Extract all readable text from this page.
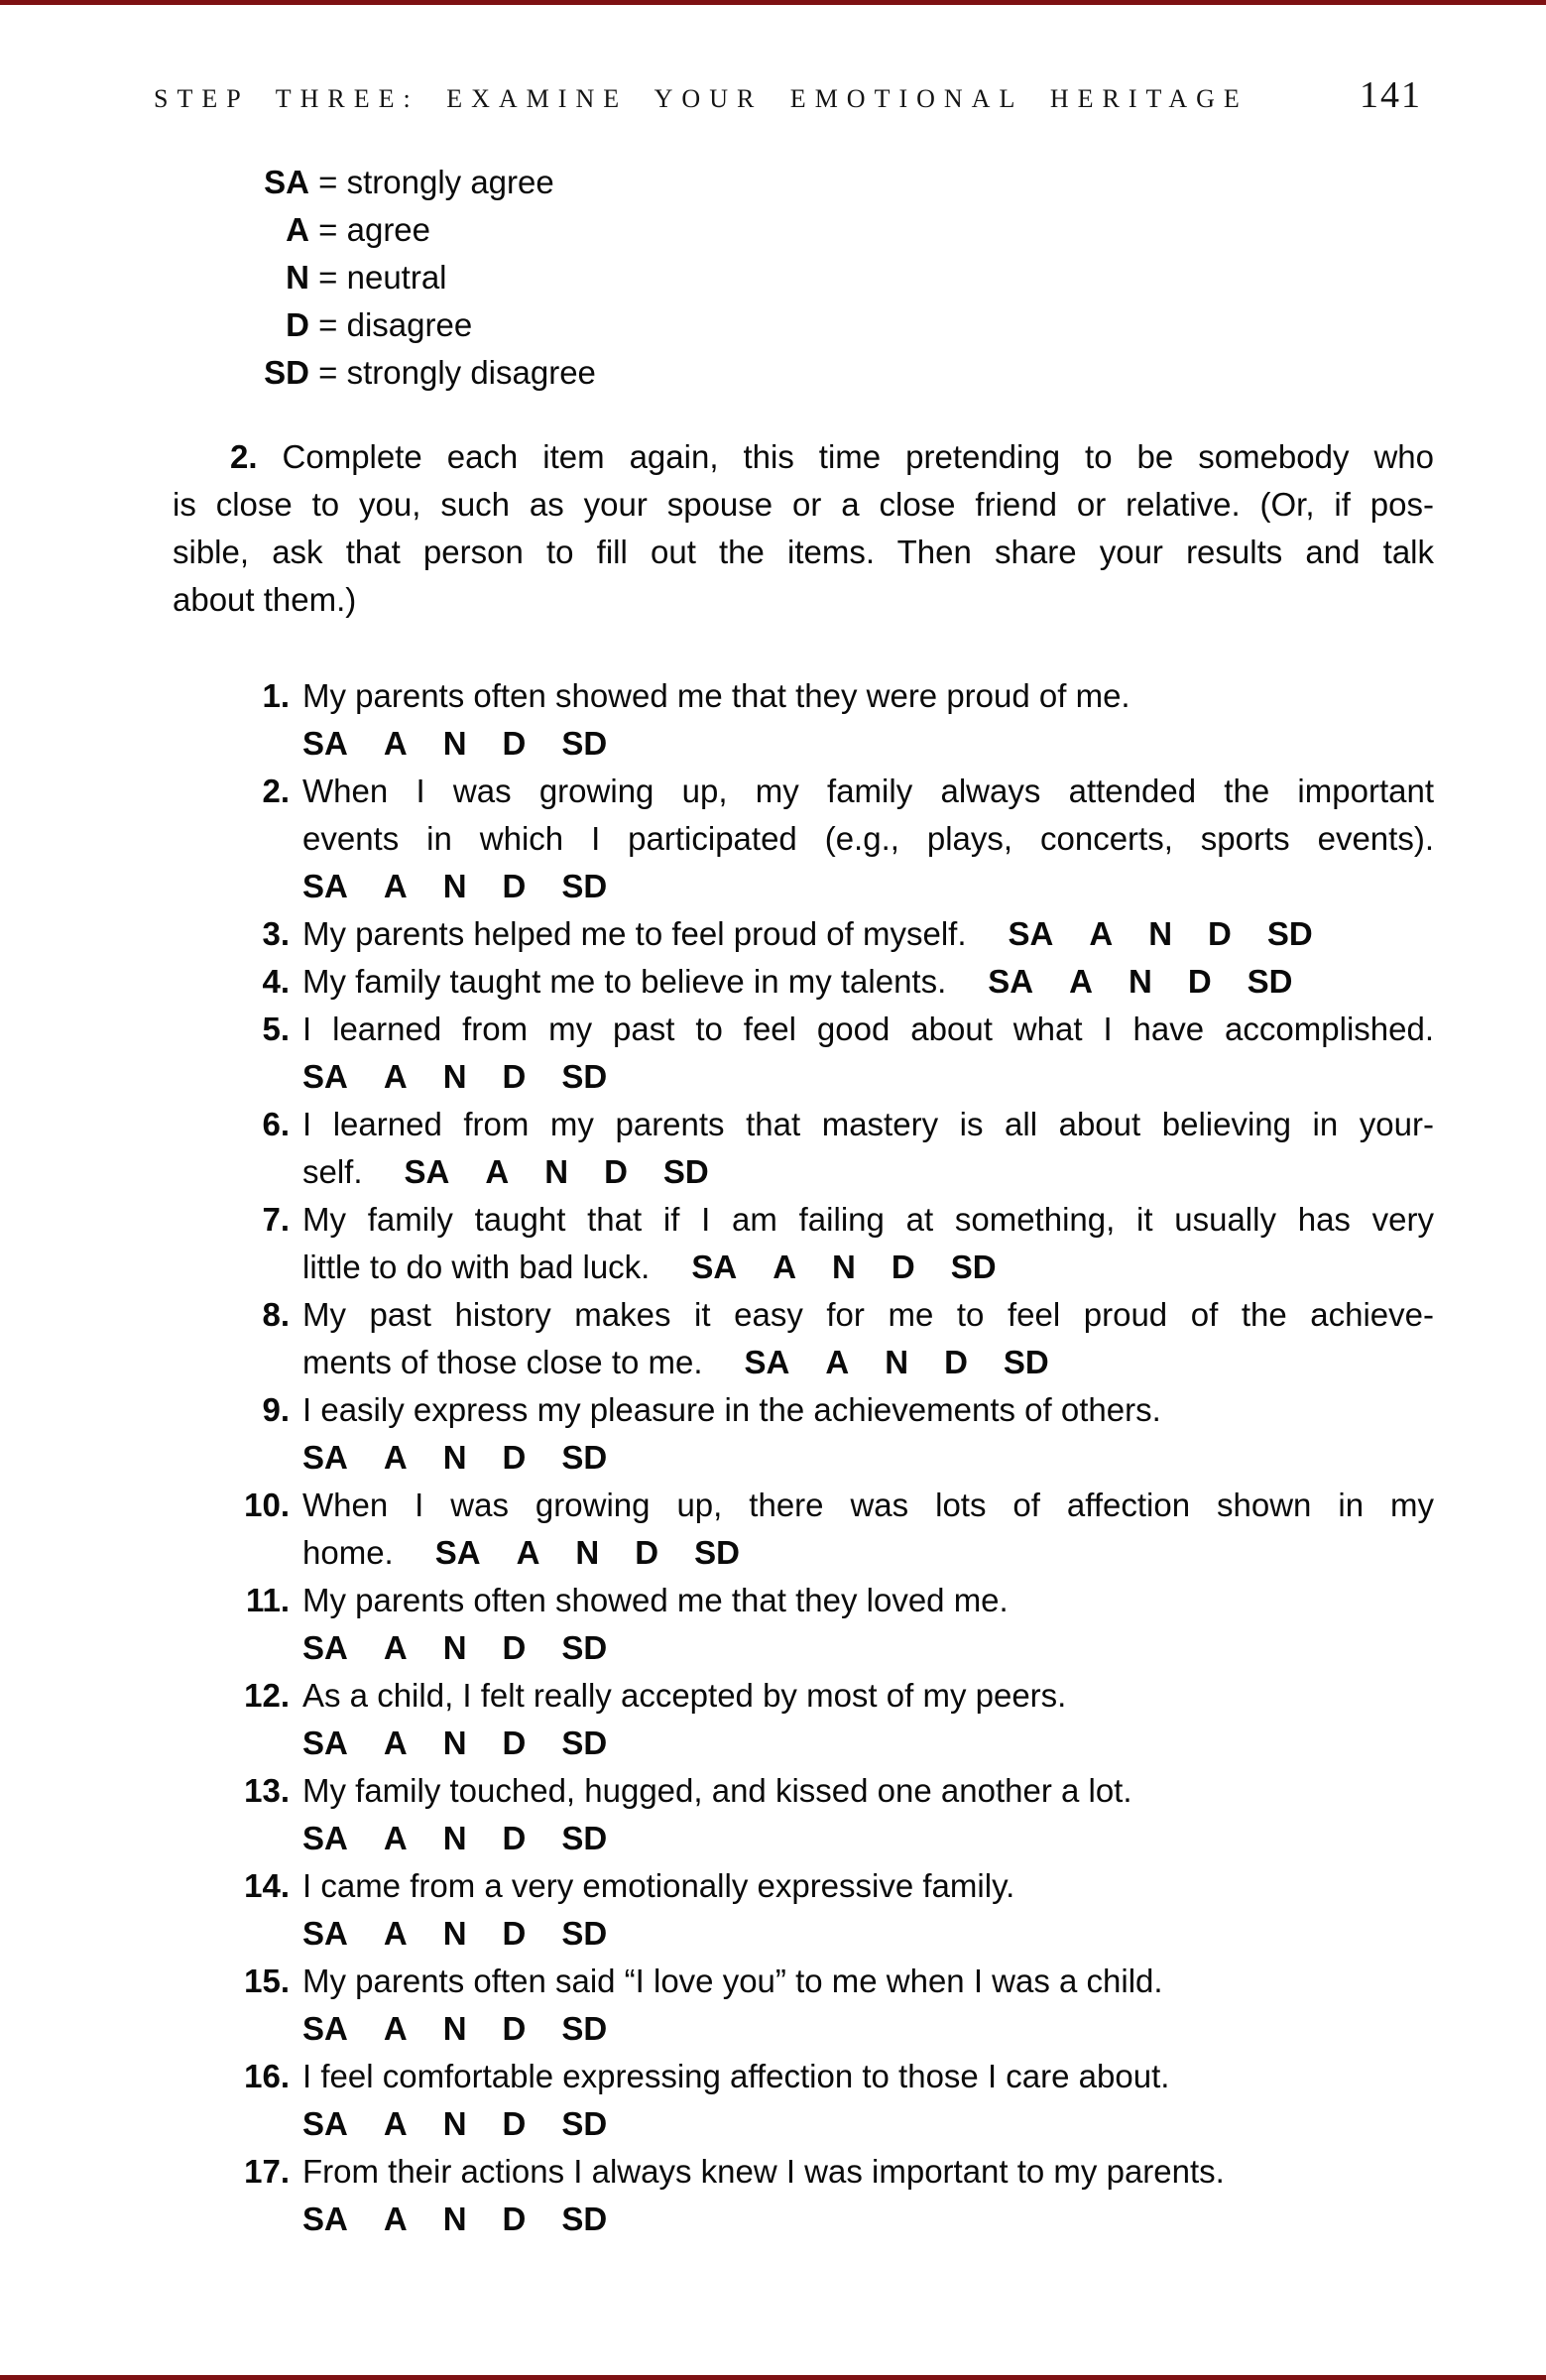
STEP THREE: EXAMINE YOUR EMOTIONAL HERITAGE	141
SA = strongly agree
A = agree
N = neutral
D = disagree
SD = strongly disagree
2. Complete each item again, this time pretending to be somebody who
is close to you, such as your spouse or a close friend or relative. (Or, if pos-
sible, ask that person to fill out the items. Then share your results and talk
about them.)
1. My parents often showed me that they were proud of me.
SA A N D SD
2. When I was growing up, my family always attended the important
events in which I participated (e.g., plays, concerts, sports events).
SA A N D SD
3. My parents helped me to feel proud of myself. SA A N D SD
4. My family taught me to believe in my talents. SA A N D SD
5. I learned from my past to feel good about what I have accomplished.
SA A N D SD
6. I learned from my parents that mastery is all about believing in your-
self. SA A N D SD
7. My family taught that if I am failing at something, it usually has very
little to do with bad luck. SA A N D SD
8. My past history makes it easy for me to feel proud of the achieve-
ments of those close to me. SA A N D SD
9. I easily express my pleasure in the achievements of others.
SA A N D SD
10. When I was growing up, there was lots of affection shown in my
home. SA A N D SD
11. My parents often showed me that they loved me.
SA A N D SD
12. As a child, I felt really accepted by most of my peers.
SA A N D SD
13. My family touched, hugged, and kissed one another a lot.
SA A N D SD
14. I came from a very emotionally expressive family.
SA A N D SD
15. My parents often said “I love you” to me when I was a child.
SA A N D SD
16. I feel comfortable expressing affection to those I care about.
SA A N D SD
17. From their actions I always knew I was important to my parents.
SA A N D SD
